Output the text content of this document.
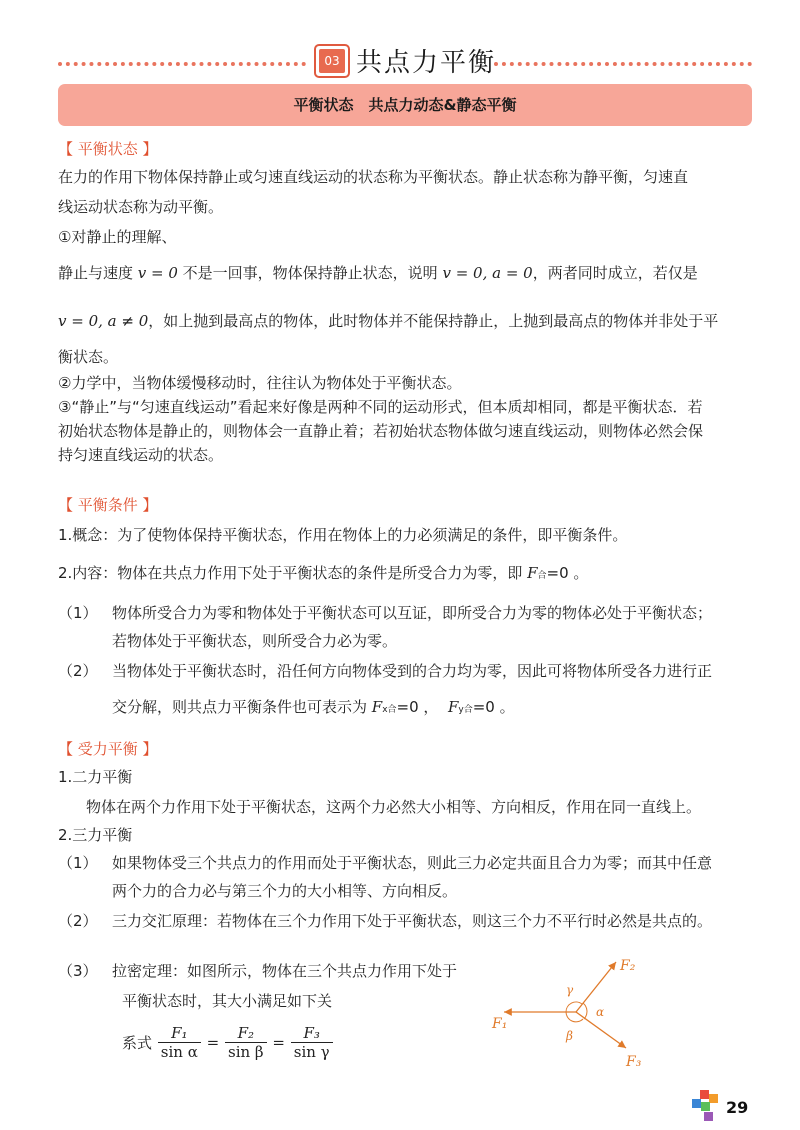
03 共点力平衡
平衡状态　共点力动态&静态平衡
【 平衡状态 】
在力的作用下物体保持静止或匀速直线运动的状态称为平衡状态。静止状态称为静平衡，匀速直
线运动状态称为动平衡。
①对静止的理解、
静止与速度 v = 0 不是一回事，物体保持静止状态，说明 v = 0, a = 0，两者同时成立，若仅是
v = 0, a ≠ 0，如上抛到最高点的物体，此时物体并不能保持静止，上抛到最高点的物体并非处于平
衡状态。
②力学中，当物体缓慢移动时，往往认为物体处于平衡状态。
③“静止”与“匀速直线运动”看起来好像是两种不同的运动形式，但本质却相同，都是平衡状态．若
初始状态物体是静止的，则物体会一直静止着；若初始状态物体做匀速直线运动，则物体必然会保
持匀速直线运动的状态。
【 平衡条件 】
1.概念：为了使物体保持平衡状态，作用在物体上的力必须满足的条件，即平衡条件。
2.内容：物体在共点力作用下处于平衡状态的条件是所受合力为零，即 F合=0 。
（1） 物体所受合力为零和物体处于平衡状态可以互证，即所受合力为零的物体必处于平衡状态；
若物体处于平衡状态，则所受合力必为零。
（2） 当物体处于平衡状态时，沿任何方向物体受到的合力均为零，因此可将物体所受各力进行正
交分解，则共点力平衡条件也可表示为 Fx合=0 ， Fy合=0 。
【 受力平衡 】
1.二力平衡
物体在两个力作用下处于平衡状态，这两个力必然大小相等、方向相反，作用在同一直线上。
2.三力平衡
（1） 如果物体受三个共点力的作用而处于平衡状态，则此三力必定共面且合力为零；而其中任意
两个力的合力必与第三个力的大小相等、方向相反。
（2） 三力交汇原理：若物体在三个力作用下处于平衡状态，则这三个力不平行时必然是共点的。
（3） 拉密定理：如图所示，物体在三个共点力作用下处于
平衡状态时，其大小满足如下关
系式 $\frac{\text{F₁}}{\text{sin α}} = \frac{\text{F₂}}{\text{sin β}} = \frac{\text{F₃}}{\text{sin γ}}$	F₁
F₂
F₃
γ
α
β
29
